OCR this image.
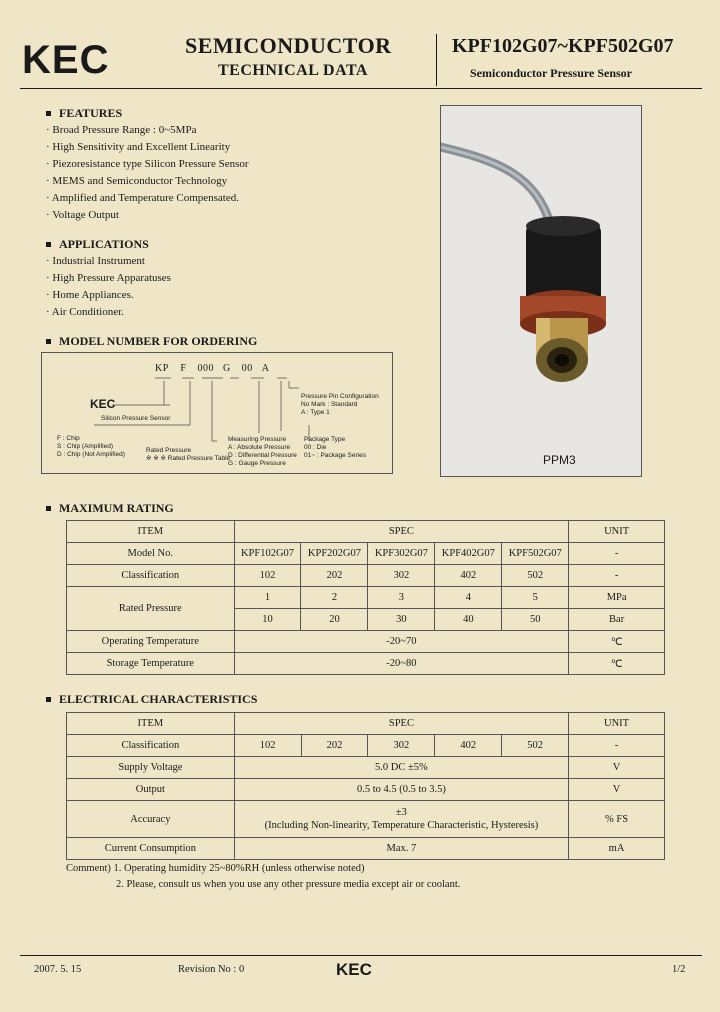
KEC	SEMICONDUCTOR
TECHNICAL DATA
KPF102G07~KPF502G07
Semiconductor Pressure Sensor
FEATURES
· Broad Pressure Range : 0~5MPa
· High Sensitivity and Excellent Linearity
· Piezoresistance type Silicon Pressure Sensor
· MEMS and Semiconductor Technology
· Amplified and Temperature Compensated.
· Voltage Output
APPLICATIONS
· Industrial Instrument
· High Pressure Apparatuses
· Home Appliances.
· Air Conditioner.
PPM3
MODEL NUMBER FOR ORDERING
KP F 000 G 00 A
KEC
Silicon Pressure Sensor
F : Chip
S : Chip (Amplified)
D : Chip (Not Amplified)
Rated Pressure
※ ※ ※ Rated Pressure Table
Measuring Pressure
A : Absolute Pressure
D : Differential Pressure
G : Gauge Pressure
Package Type
00 : Die
01~ : Package Series
Pressure Pin Configuration
No Mark : Standard
A : Type 1
MAXIMUM RATING
ITEM	SPEC					UNIT
Model No.	KPF102G07	KPF202G07	KPF302G07	KPF402G07	KPF502G07	-
Classification	102	202	302	402	502	-
Rated Pressure	1	2	3	4	5	MPa
	10	20	30	40	50	Bar
Operating Temperature	-20~70					℃
Storage Temperature	-20~80					℃
ELECTRICAL CHARACTERISTICS
ITEM	SPEC					UNIT
Classification	102	202	302	402	502	-
Supply Voltage	5.0 DC ±5%					V
Output	0.5 to 4.5 (0.5 to 3.5)					V
Accuracy	±3
(Including Non-linearity, Temperature Characteristic, Hysteresis)					% FS
Current Consumption	Max. 7					mA
Comment) 1. Operating humidity 25~80%RH (unless otherwise noted)
2. Please, consult us when you use any other pressure media except air or coolant.
2007. 5. 15	Revision No : 0	KEC	1/2
